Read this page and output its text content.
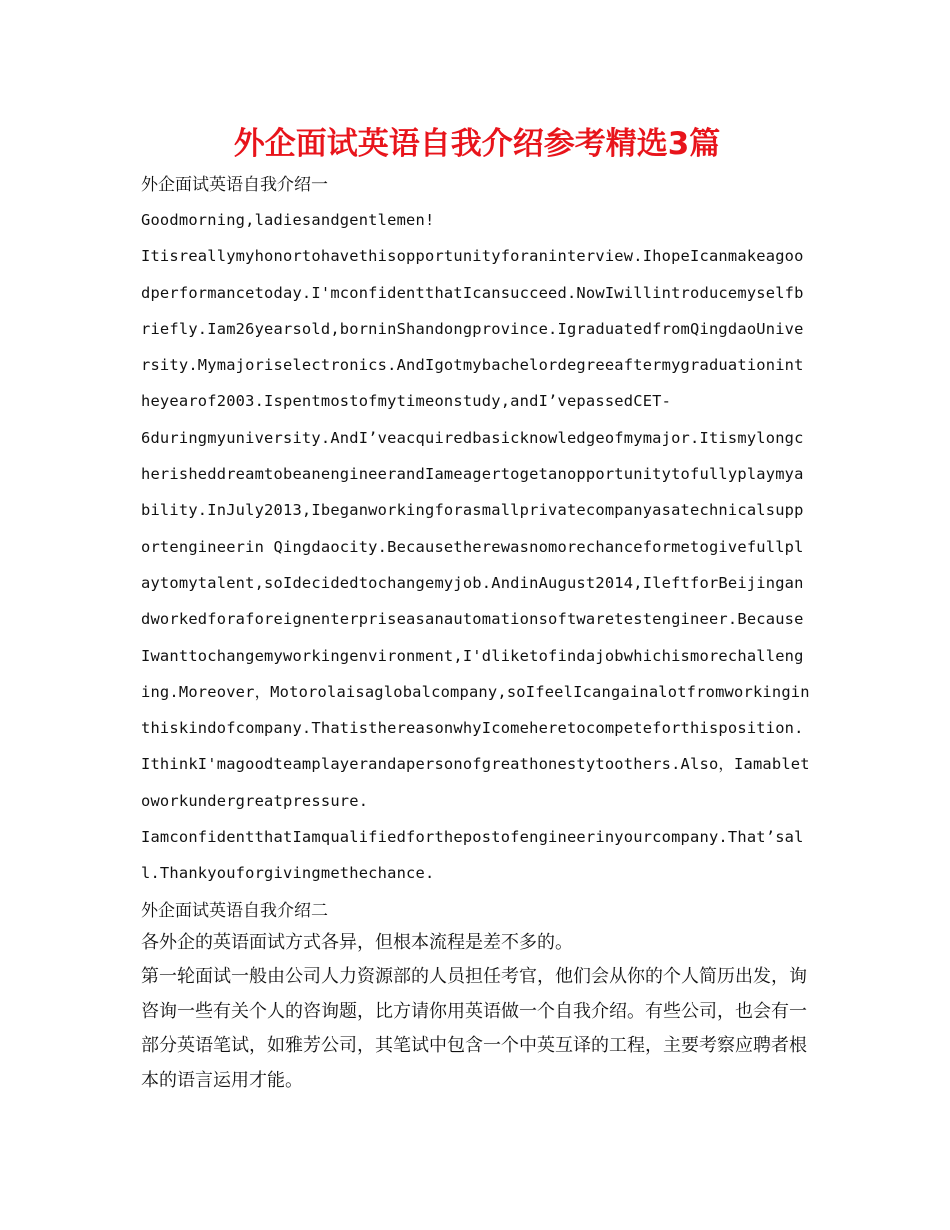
外企面试英语自我介绍参考精选3篇

外企面试英语自我介绍一

Goodmorning,ladiesandgentlemen!

Itisreallymyhonortohavethisopportunityforaninterview.IhopeIcanmakeagoodperformancetoday.I'mconfidentthatIcansucceed.NowIwillintroducemyselfbriefly.Iam26yearsold,borninShandongprovince.IgraduatedfromQingdaoUniversity.Mymajoriselectronics.AndIgotmybachelordegreeaftermygraduationintheyearof2003.Ispentmostofmytimeonstudy,andI’vepassedCET-

6duringmyuniversity.AndI’veacquiredbasicknowledgeofmymajor.ItismylongcherisheddreamtobeanengineerandIameagertogetanopportunitytofullyplaymyability.InJuly2013,Ibeganworkingforasmallprivatecompanyasatechnicalsupportengineerin Qingdaocity.Becausetherewasnomorechanceformetogivefullplaytomytalent,soIdecidedtochangemyjob.AndinAugust2014,IleftforBeijingandworkedforaforeignenterpriseasanautomationsoftwaretestengineer.BecauseIwanttochangemyworkingenvironment,I'dliketofindajobwhichismorechallenging.Moreover，Motorolaisaglobalcompany,soIfeelIcangainalotfromworkinginthiskindofcompany.ThatisthereasonwhyIcomeheretocompeteforthisposition.IthinkI'magoodteamplayerandapersonofgreathonestytoothers.Also，Iamabletoworkundergreatpressure.

IamconfidentthatIamqualifiedforthepostofengineerinyourcompany.That’sall.Thankyouforgivingmethechance.

外企面试英语自我介绍二

各外企的英语面试方式各异，但根本流程是差不多的。

第一轮面试一般由公司人力资源部的人员担任考官，他们会从你的个人简历出发，询咨询一些有关个人的咨询题，比方请你用英语做一个自我介绍。有些公司，也会有一部分英语笔试，如雅芳公司，其笔试中包含一个中英互译的工程，主要考察应聘者根本的语言运用才能。
